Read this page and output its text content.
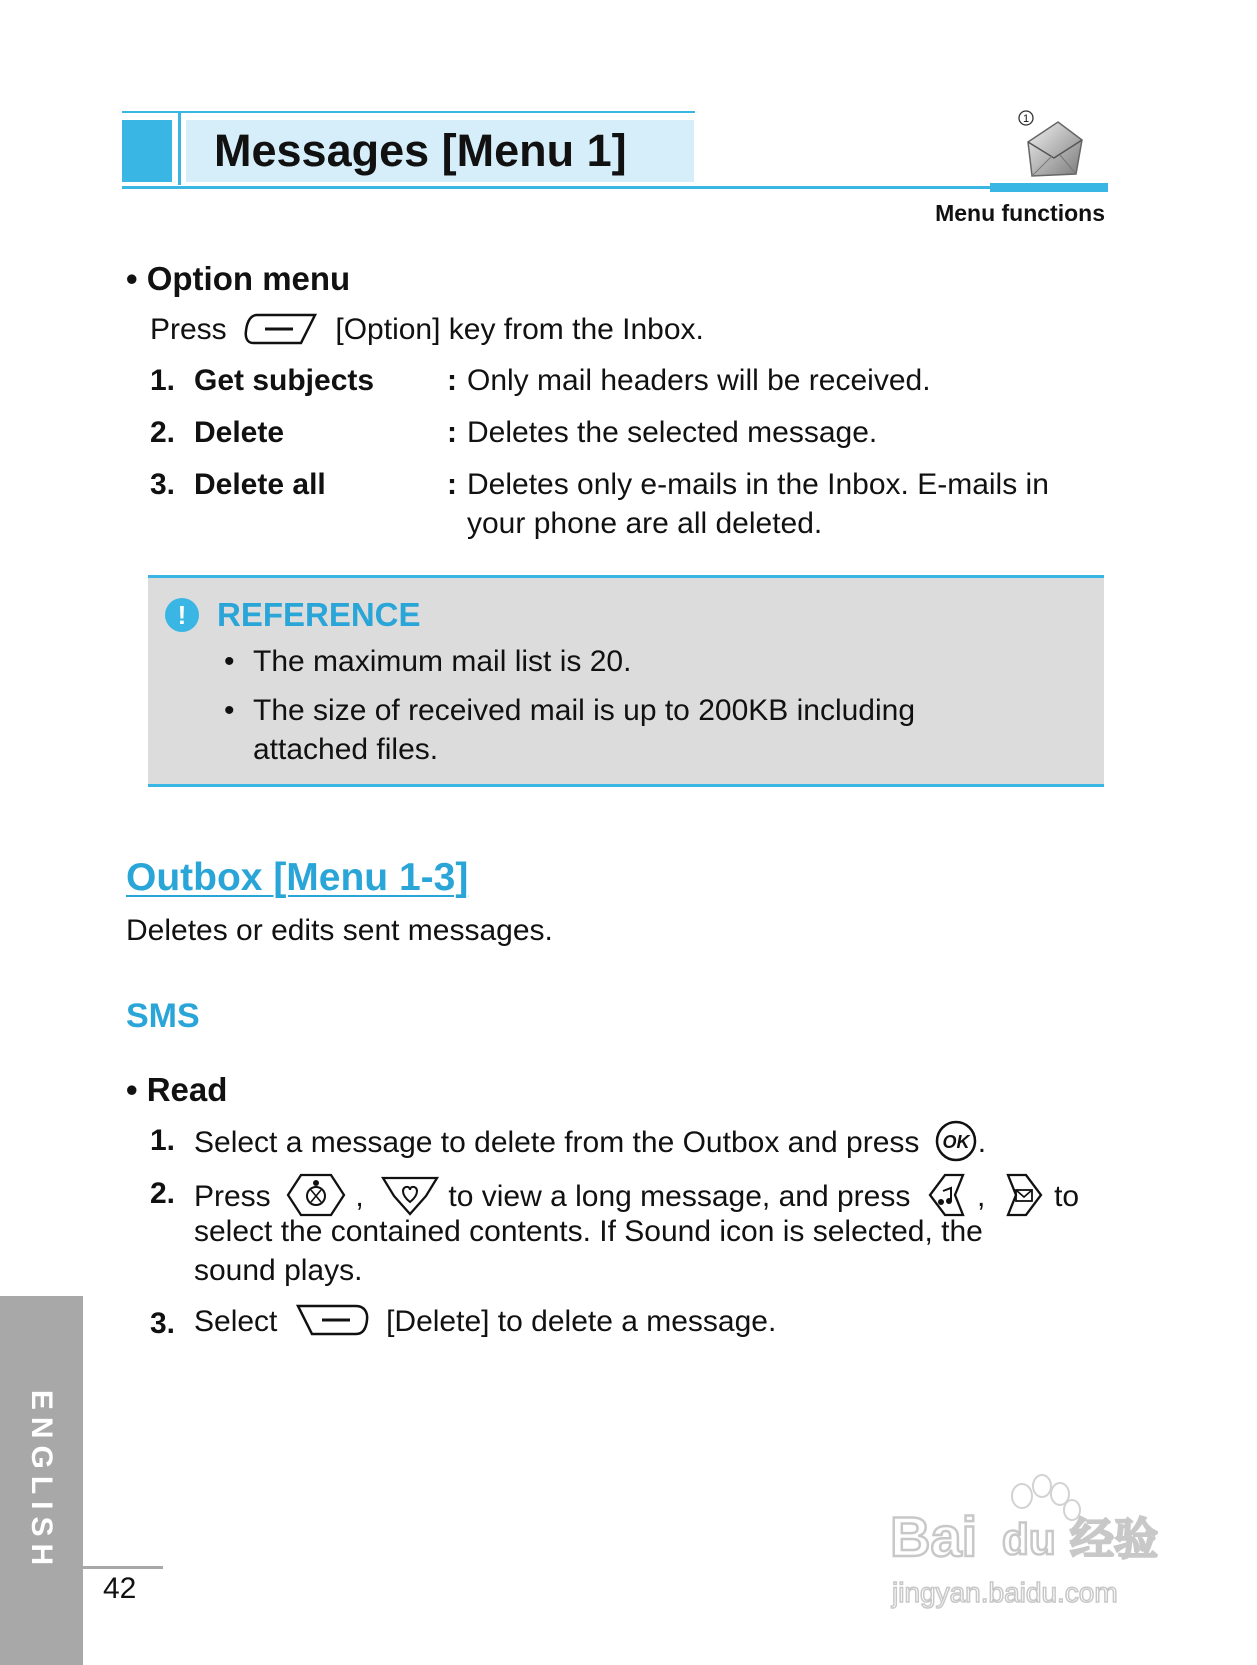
Messages [Menu 1]
1
Menu functions
• Option menu
Press	[Option] key from the Inbox.
1. Get subjects : Only mail headers will be received.
2. Delete	: Deletes the selected message.
3. Delete all	: Deletes only e-mails in the Inbox. E-mails in
your phone are all deleted.
! REFERENCE
• The maximum mail list is 20.
• The size of received mail is up to 200KB including
attached files.
Outbox [Menu 1-3]
Deletes or edits sent messages.
SMS
• Read
1. Select a message to delete from the Outbox and press OK .
2. Press	,	to view a long message, and press , to
select the contained contents. If Sound icon is selected, the
sound plays.
3. Select	[Delete] to delete a message.
ENGLISH
42
Bai du 经验
jingyan.baidu.com
